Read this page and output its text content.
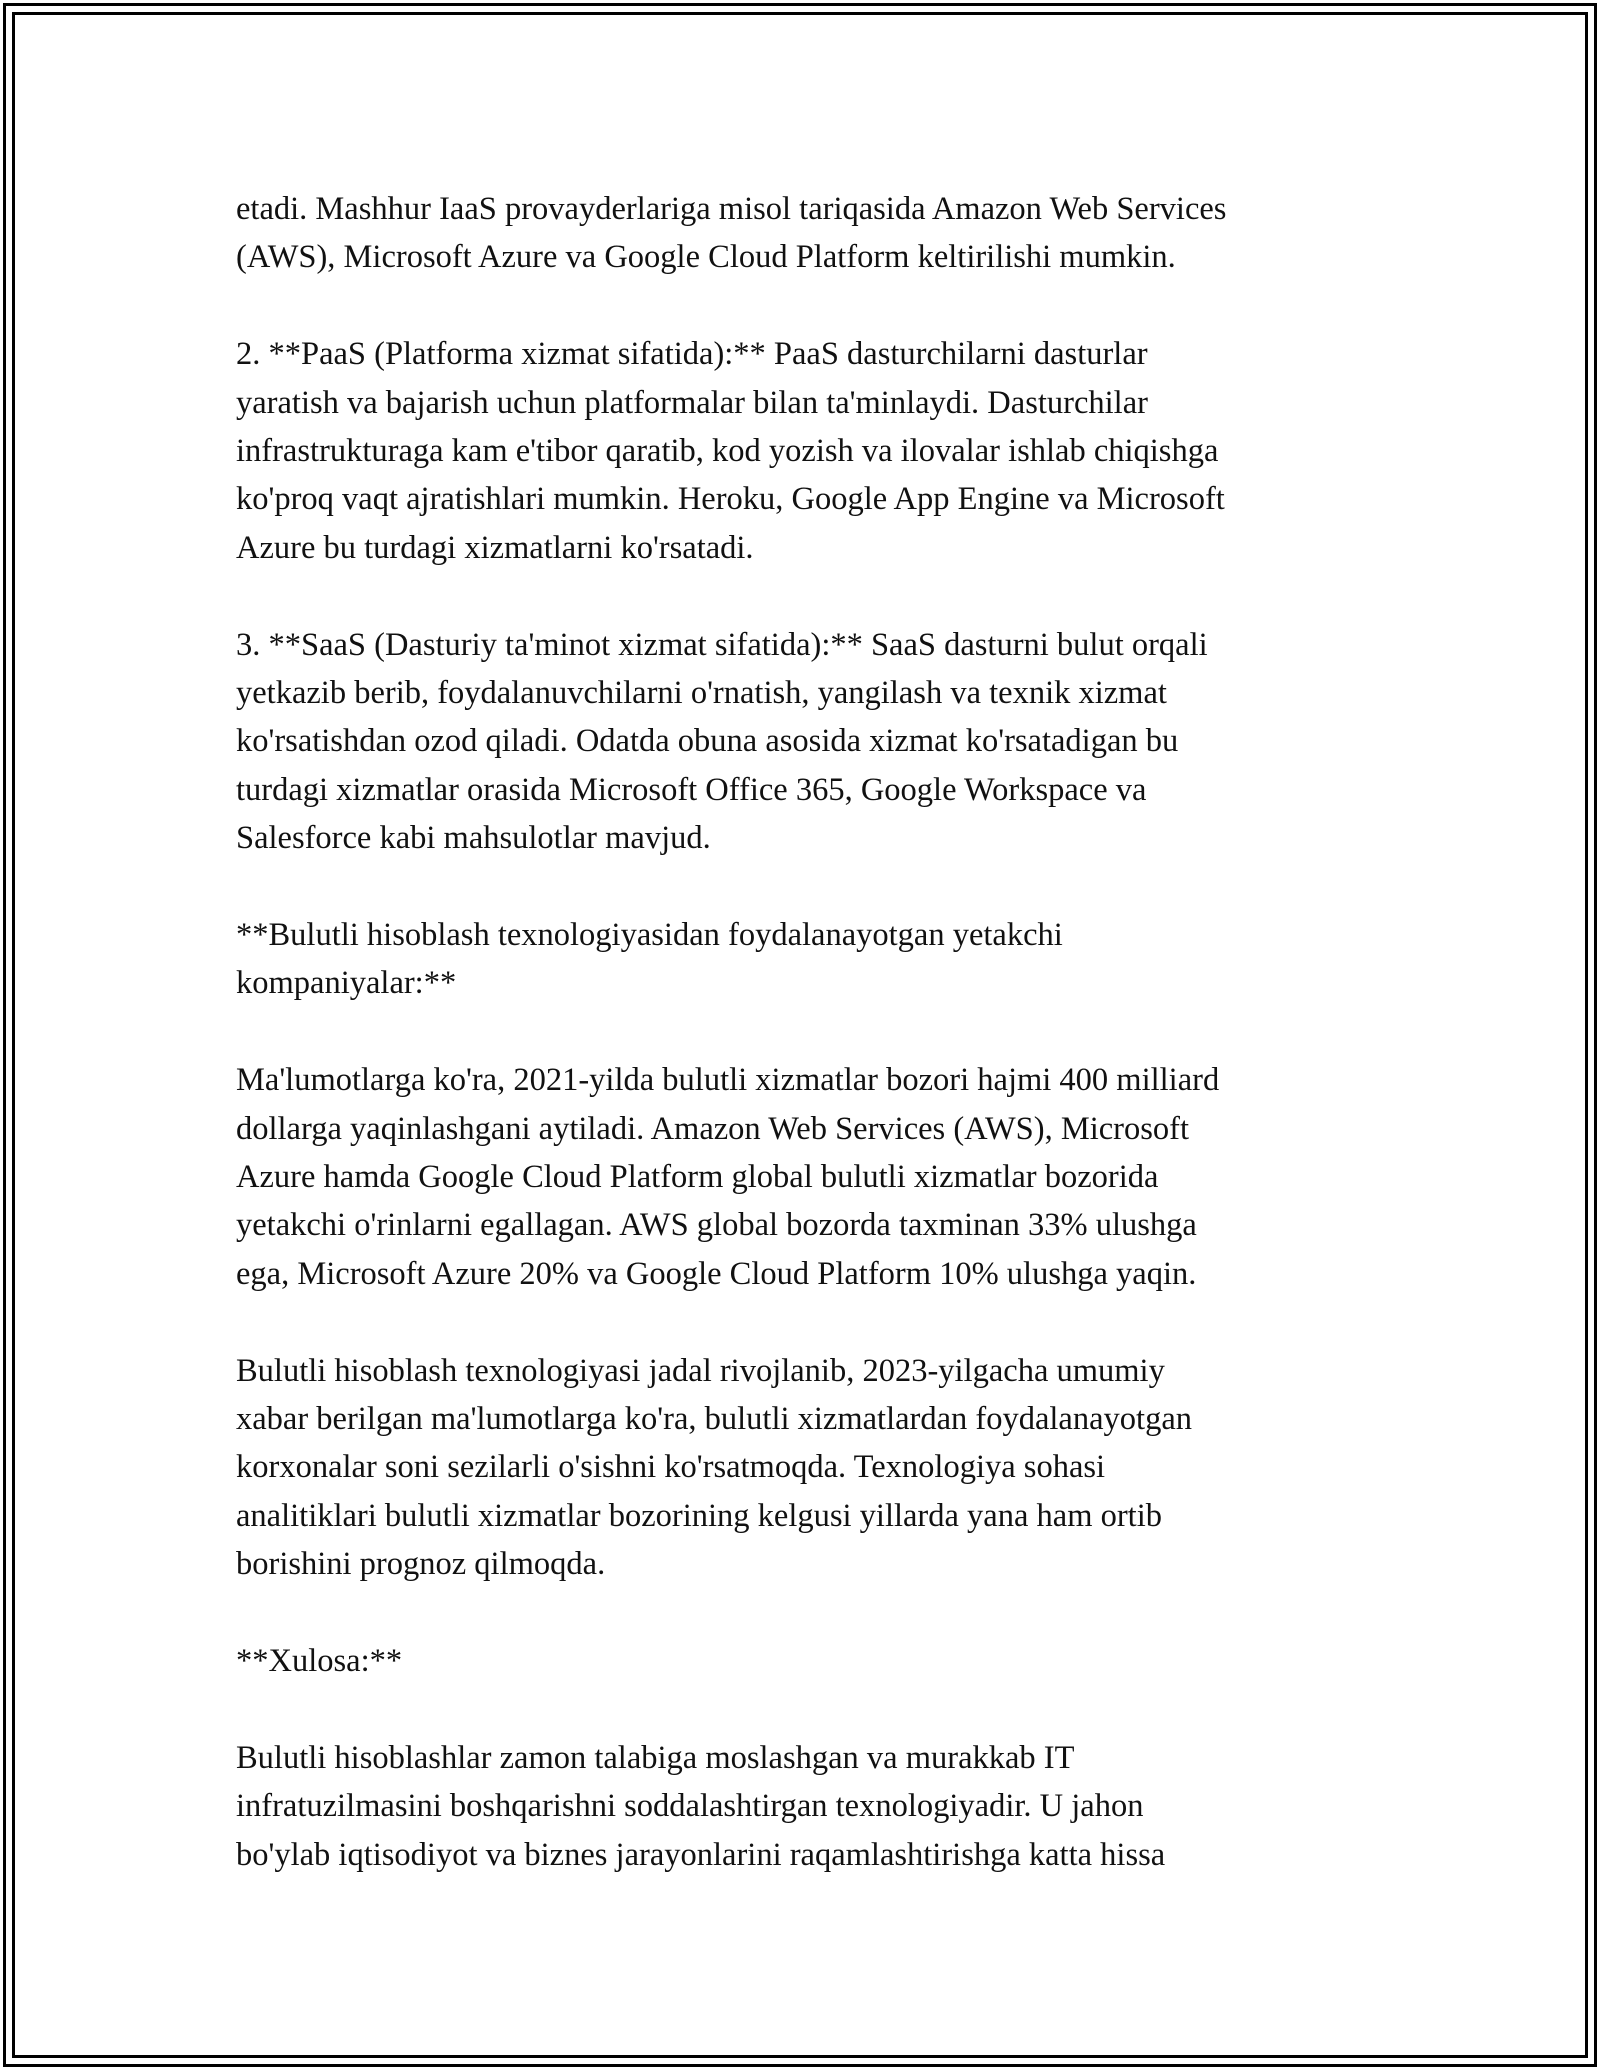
etadi. Mashhur IaaS provayderlariga misol tariqasida Amazon Web Services
(AWS), Microsoft Azure va Google Cloud Platform keltirilishi mumkin.

2. **PaaS (Platforma xizmat sifatida):** PaaS dasturchilarni dasturlar
yaratish va bajarish uchun platformalar bilan ta'minlaydi. Dasturchilar
infrastrukturaga kam e'tibor qaratib, kod yozish va ilovalar ishlab chiqishga
ko'proq vaqt ajratishlari mumkin. Heroku, Google App Engine va Microsoft
Azure bu turdagi xizmatlarni ko'rsatadi.

3. **SaaS (Dasturiy ta'minot xizmat sifatida):** SaaS dasturni bulut orqali
yetkazib berib, foydalanuvchilarni o'rnatish, yangilash va texnik xizmat
ko'rsatishdan ozod qiladi. Odatda obuna asosida xizmat ko'rsatadigan bu
turdagi xizmatlar orasida Microsoft Office 365, Google Workspace va
Salesforce kabi mahsulotlar mavjud.

**Bulutli hisoblash texnologiyasidan foydalanayotgan yetakchi
kompaniyalar:**

Ma'lumotlarga ko'ra, 2021-yilda bulutli xizmatlar bozori hajmi 400 milliard
dollarga yaqinlashgani aytiladi. Amazon Web Services (AWS), Microsoft
Azure hamda Google Cloud Platform global bulutli xizmatlar bozorida
yetakchi o'rinlarni egallagan. AWS global bozorda taxminan 33% ulushga
ega, Microsoft Azure 20% va Google Cloud Platform 10% ulushga yaqin.

Bulutli hisoblash texnologiyasi jadal rivojlanib, 2023-yilgacha umumiy
xabar berilgan ma'lumotlarga ko'ra, bulutli xizmatlardan foydalanayotgan
korxonalar soni sezilarli o'sishni ko'rsatmoqda. Texnologiya sohasi
analitiklari bulutli xizmatlar bozorining kelgusi yillarda yana ham ortib
borishini prognoz qilmoqda.

**Xulosa:**

Bulutli hisoblashlar zamon talabiga moslashgan va murakkab IT
infratuzilmasini boshqarishni soddalashtirgan texnologiyadir. U jahon
bo'ylab iqtisodiyot va biznes jarayonlarini raqamlashtirishga katta hissa
